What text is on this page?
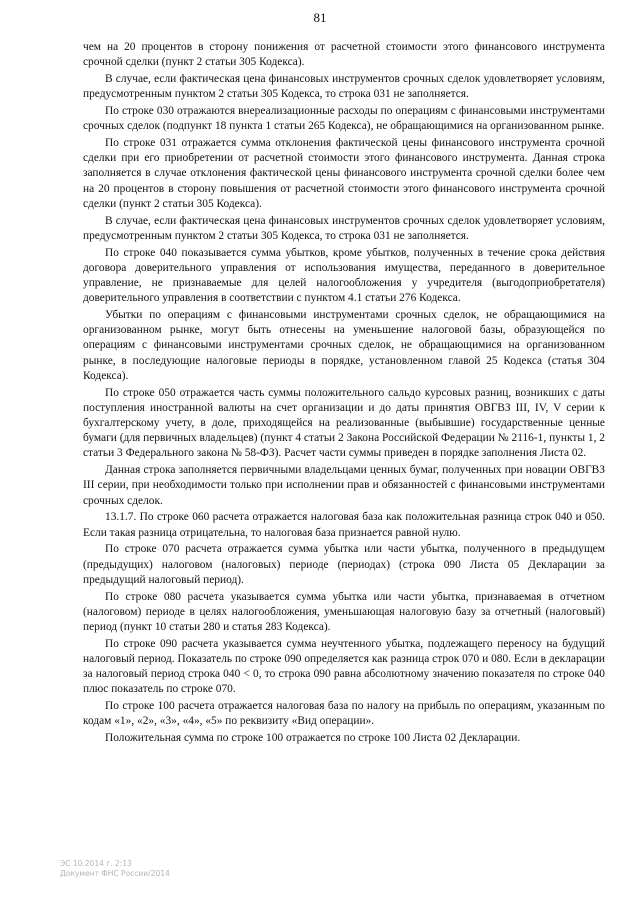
81

чем на 20 процентов в сторону понижения от расчетной стоимости этого финансового инструмента срочной сделки (пункт 2 статьи 305 Кодекса).

В случае, если фактическая цена финансовых инструментов срочных сделок удовлетворяет условиям, предусмотренным пунктом 2 статьи 305 Кодекса, то строка 031 не заполняется.

По строке 030 отражаются внереализационные расходы по операциям с финансовыми инструментами срочных сделок (подпункт 18 пункта 1 статьи 265 Кодекса), не обращающимися на организованном рынке.

По строке 031 отражается сумма отклонения фактической цены финансового инструмента срочной сделки при его приобретении от расчетной стоимости этого финансового инструмента. Данная строка заполняется в случае отклонения фактической цены финансового инструмента срочной сделки более чем на 20 процентов в сторону повышения от расчетной стоимости этого финансового инструмента срочной сделки (пункт 2 статьи 305 Кодекса).

В случае, если фактическая цена финансовых инструментов срочных сделок удовлетворяет условиям, предусмотренным пунктом 2 статьи 305 Кодекса, то строка 031 не заполняется.

По строке 040 показывается сумма убытков, кроме убытков, полученных в течение срока действия договора доверительного управления от использования имущества, переданного в доверительное управление, не признаваемые для целей налогообложения у учредителя (выгодоприобретателя) доверительного управления в соответствии с пунктом 4.1 статьи 276 Кодекса.

Убытки по операциям с финансовыми инструментами срочных сделок, не обращающимися на организованном рынке, могут быть отнесены на уменьшение налоговой базы, образующейся по операциям с финансовыми инструментами срочных сделок, не обращающимися на организованном рынке, в последующие налоговые периоды в порядке, установленном главой 25 Кодекса (статья 304 Кодекса).

По строке 050 отражается часть суммы положительного сальдо курсовых разниц, возникших с даты поступления иностранной валюты на счет организации и до даты принятия ОВГВЗ III, IV, V серии к бухгалтерскому учету, в доле, приходящейся на реализованные (выбывшие) государственные ценные бумаги (для первичных владельцев) (пункт 4 статьи 2 Закона Российской Федерации № 2116-1, пункты 1, 2 статьи 3 Федерального закона № 58-ФЗ). Расчет части суммы приведен в порядке заполнения Листа 02.

Данная строка заполняется первичными владельцами ценных бумаг, полученных при новации ОВГВЗ III серии, при необходимости только при исполнении прав и обязанностей с финансовыми инструментами срочных сделок.

13.1.7. По строке 060 расчета отражается налоговая база как положительная разница строк 040 и 050. Если такая разница отрицательна, то налоговая база признается равной нулю.

По строке 070 расчета отражается сумма убытка или части убытка, полученного в предыдущем (предыдущих) налоговом (налоговых) периоде (периодах) (строка 090 Листа 05 Декларации за предыдущий налоговый период).

По строке 080 расчета указывается сумма убытка или части убытка, признаваемая в отчетном (налоговом) периоде в целях налогообложения, уменьшающая налоговую базу за отчетный (налоговый) период (пункт 10 статьи 280 и статья 283 Кодекса).

По строке 090 расчета указывается сумма неучтенного убытка, подлежащего переносу на будущий налоговый период. Показатель по строке 090 определяется как разница строк 070 и 080. Если в декларации за налоговый период строка 040 < 0, то строка 090 равна абсолютному значению показателя по строке 040 плюс показатель по строке 070.

По строке 100 расчета отражается налоговая база по налогу на прибыль по операциям, указанным по кодам «1», «2», «3», «4», «5» по реквизиту «Вид операции».

Положительная сумма по строке 100 отражается по строке 100 Листа 02 Декларации.

ЭС 10.2014 г. 2:13
Документ ФНС России/2014
